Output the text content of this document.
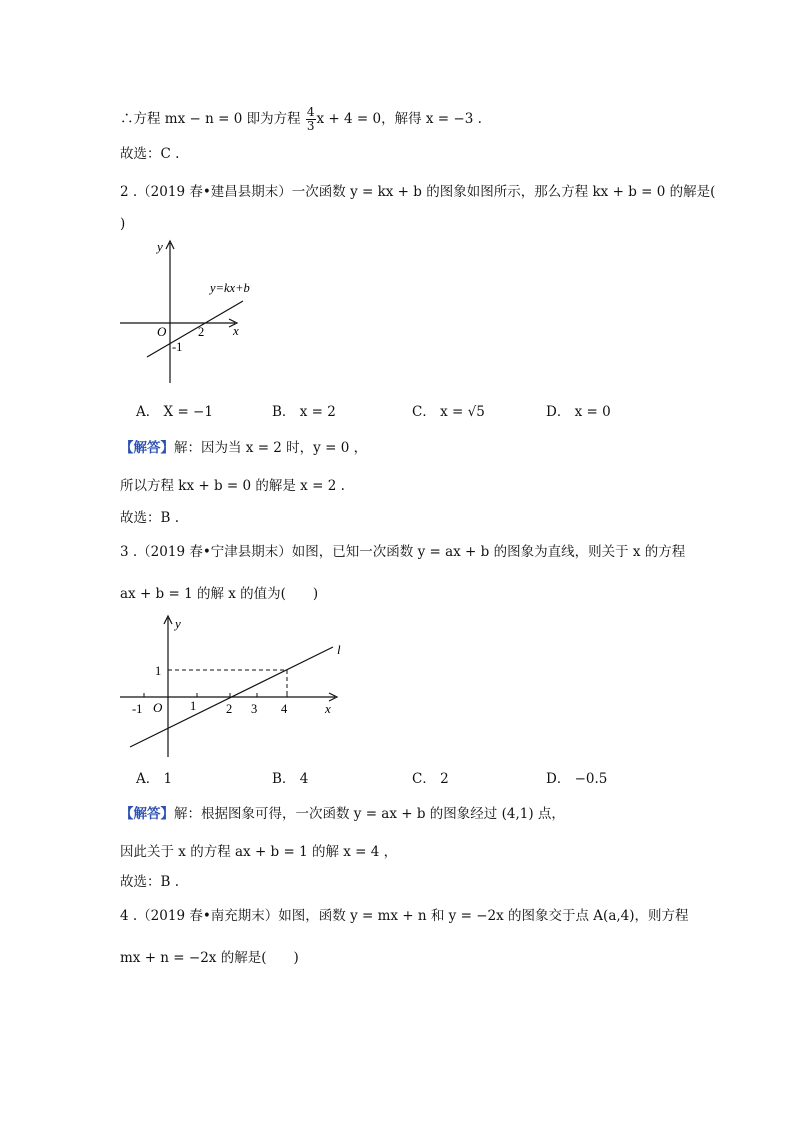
∴方程 mx − n = 0 即为方程 $\frac{4}{3}$ x + 4 = 0，解得 x = −3 .
故选：C .
2 .（2019 春•建昌县期末）一次函数 y = kx + b 的图象如图所示，那么方程 kx + b = 0 的解是(
)
y
x
O
y=kx+b
2
-1
A． X = −1	B． x = 2	C． x = √5	D． x = 0
【解答】解：因为当 x = 2 时，y = 0 ，
所以方程 kx + b = 0 的解是 x = 2 .
故选：B .
3 .（2019 春•宁津县期末）如图，已知一次函数 y = ax + b 的图象为直线，则关于 x 的方程
ax + b = 1 的解 x 的值为(　　)
y
x
O
l
1
-1	1 2 3 4
A． 1	B． 4	C． 2	D． −0.5
【解答】解：根据图象可得，一次函数 y = ax + b 的图象经过 (4,1) 点，
因此关于 x 的方程 ax + b = 1 的解 x = 4 ，
故选：B .
4 .（2019 春•南充期末）如图，函数 y = mx + n 和 y = −2x 的图象交于点 A(a,4)，则方程
mx + n = −2x 的解是(　　)
